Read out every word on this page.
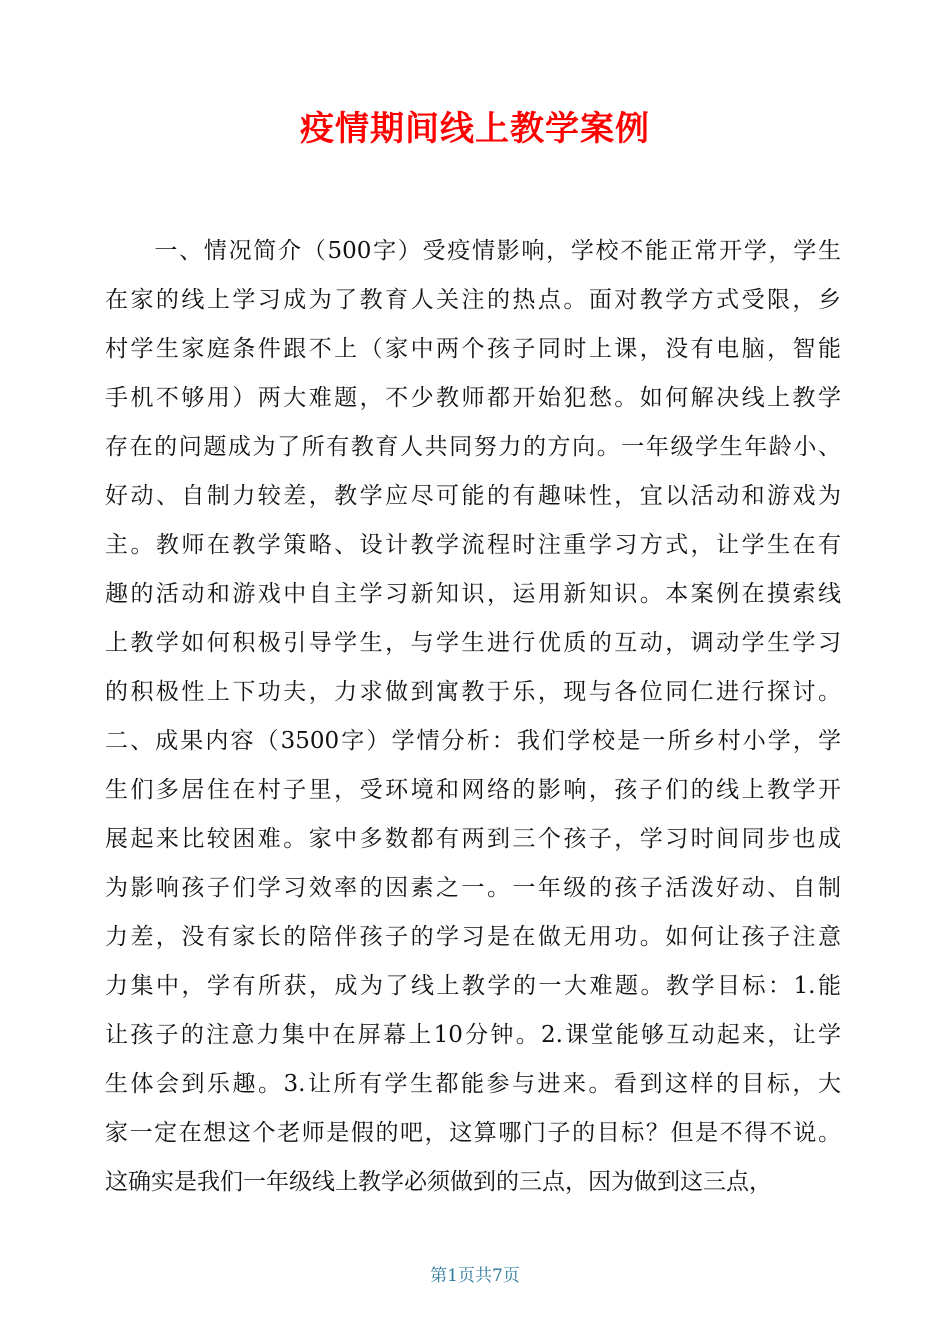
疫情期间线上教学案例
　　一、情况简介（500字）受疫情影响，学校不能正常开学，学生
在家的线上学习成为了教育人关注的热点。面对教学方式受限，乡
村学生家庭条件跟不上（家中两个孩子同时上课，没有电脑，智能
手机不够用）两大难题，不少教师都开始犯愁。如何解决线上教学
存在的问题成为了所有教育人共同努力的方向。一年级学生年龄小、
好动、自制力较差，教学应尽可能的有趣味性，宜以活动和游戏为
主。教师在教学策略、设计教学流程时注重学习方式，让学生在有
趣的活动和游戏中自主学习新知识，运用新知识。本案例在摸索线
上教学如何积极引导学生，与学生进行优质的互动，调动学生学习
的积极性上下功夫，力求做到寓教于乐，现与各位同仁进行探讨。
二、成果内容（3500字）学情分析：我们学校是一所乡村小学，学
生们多居住在村子里，受环境和网络的影响，孩子们的线上教学开
展起来比较困难。家中多数都有两到三个孩子，学习时间同步也成
为影响孩子们学习效率的因素之一。一年级的孩子活泼好动、自制
力差，没有家长的陪伴孩子的学习是在做无用功。如何让孩子注意
力集中，学有所获，成为了线上教学的一大难题。教学目标：1.能
让孩子的注意力集中在屏幕上10分钟。2.课堂能够互动起来，让学
生体会到乐趣。3.让所有学生都能参与进来。看到这样的目标，大
家一定在想这个老师是假的吧，这算哪门子的目标？但是不得不说。
这确实是我们一年级线上教学必须做到的三点，因为做到这三点，
第1页共7页
